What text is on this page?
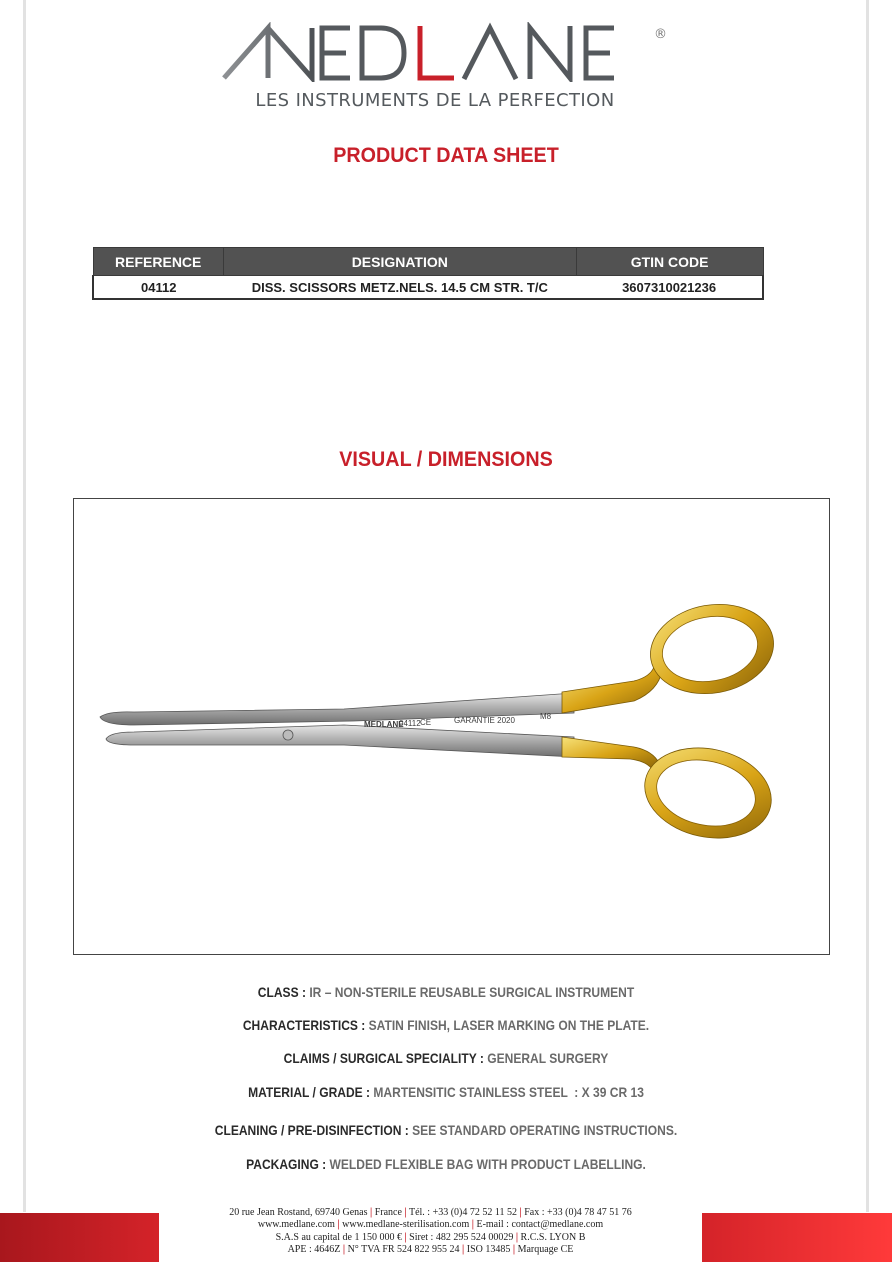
®
LES INSTRUMENTS DE LA PERFECTION
PRODUCT DATA SHEET
REFERENCE	DESIGNATION	GTIN CODE
04112	DISS. SCISSORS METZ.NELS. 14.5 CM STR. T/C	3607310021236
VISUAL / DIMENSIONS
MEDLANE
04112 CE	GARANTIE 2020	M8
CLASS : IR – NON-STERILE REUSABLE SURGICAL INSTRUMENT
CHARACTERISTICS : SATIN FINISH, LASER MARKING ON THE PLATE.
CLAIMS / SURGICAL SPECIALITY : GENERAL SURGERY
MATERIAL / GRADE : MARTENSITIC STAINLESS STEEL  : X 39 CR 13
CLEANING / PRE-DISINFECTION : SEE STANDARD OPERATING INSTRUCTIONS.
PACKAGING : WELDED FLEXIBLE BAG WITH PRODUCT LABELLING.
20 rue Jean Rostand, 69740 Genas | France | Tél. : +33 (0)4 72 52 11 52 | Fax : +33 (0)4 78 47 51 76
www.medlane.com | www.medlane-sterilisation.com | E-mail : contact@medlane.com
S.A.S au capital de 1 150 000 € | Siret : 482 295 524 00029 | R.C.S. LYON B
APE : 4646Z | N° TVA FR 524 822 955 24 | ISO 13485 | Marquage CE
